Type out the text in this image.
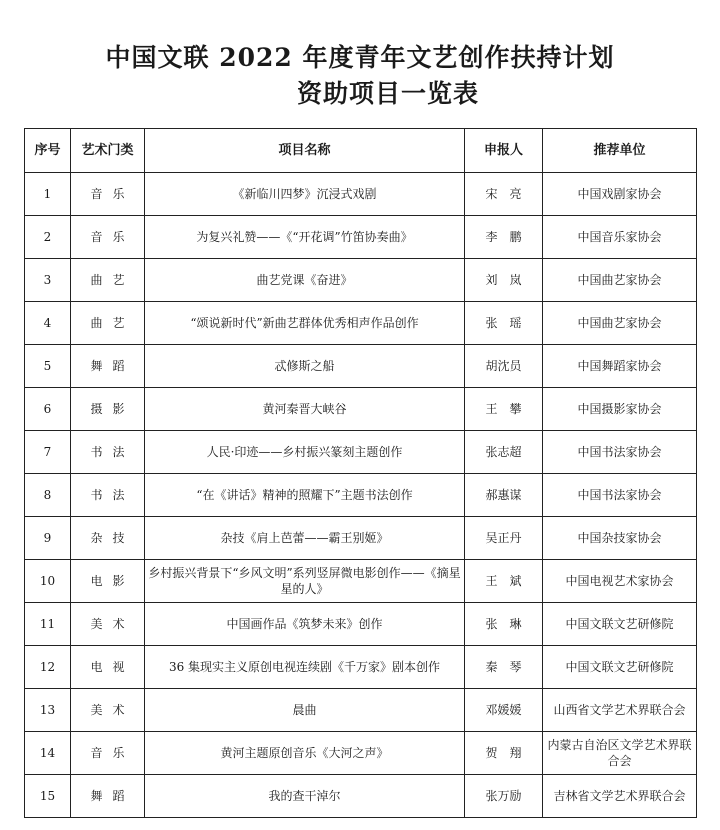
中国文联 2022 年度青年文艺创作扶持计划
资助项目一览表
序号	艺术门类	项目名称	申报人	推荐单位
1	音乐	《新临川四梦》沉浸式戏剧	宋　亮	中国戏剧家协会
2	音乐	为复兴礼赞——《“开花调”竹笛协奏曲》	李　鹏	中国音乐家协会
3	曲艺	曲艺党课《奋进》	刘　岚	中国曲艺家协会
4	曲艺	“颂说新时代”新曲艺群体优秀相声作品创作	张　瑶	中国曲艺家协会
5	舞蹈	忒修斯之船	胡沈员	中国舞蹈家协会
6	摄影	黄河秦晋大峡谷	王　攀	中国摄影家协会
7	书法	人民·印迹——乡村振兴篆刻主题创作	张志超	中国书法家协会
8	书法	“在《讲话》精神的照耀下”主题书法创作	郝惠谋	中国书法家协会
9	杂技	杂技《肩上芭蕾——霸王别姬》	吴正丹	中国杂技家协会
10	电影	乡村振兴背景下“乡风文明”系列竖屏微电影创作——《摘星星的人》	王　斌	中国电视艺术家协会
11	美术	中国画作品《筑梦未来》创作	张　琳	中国文联文艺研修院
12	电视	36 集现实主义原创电视连续剧《千万家》剧本创作	秦　琴	中国文联文艺研修院
13	美术	晨曲	邓媛媛	山西省文学艺术界联合会
14	音乐	黄河主题原创音乐《大河之声》	贺　翔	内蒙古自治区文学艺术界联合会
15	舞蹈	我的查干淖尔	张万励	吉林省文学艺术界联合会
